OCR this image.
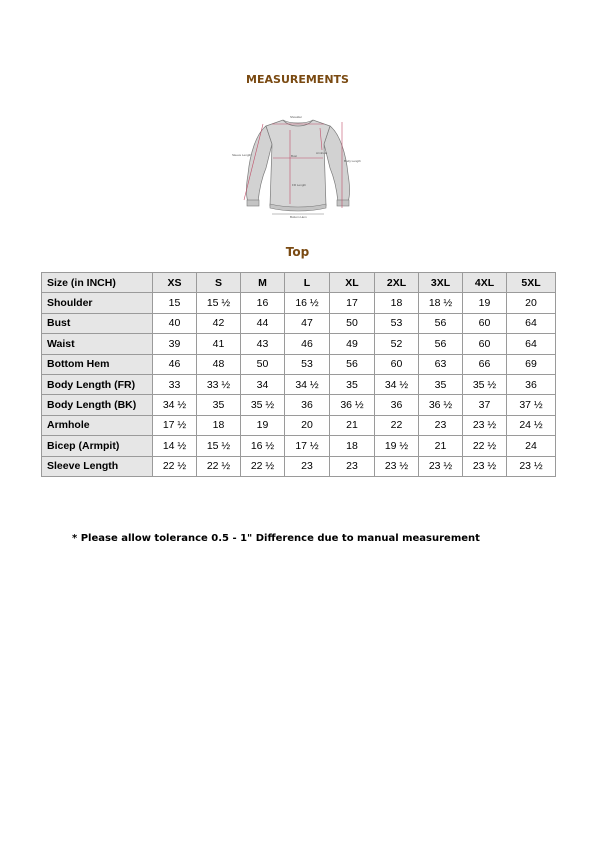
MEASUREMENTS
Shoulder
Sleeve Length	Bust
Armhole
Body Length
FR Length
Bottom Hem
Top
Size (in INCH)	XS	S	M	L	XL	2XL	3XL	4XL	5XL
Shoulder	15	15 ½	16	16 ½	17	18	18 ½	19	20
Bust	40	42	44	47	50	53	56	60	64
Waist	39	41	43	46	49	52	56	60	64
Bottom Hem	46	48	50	53	56	60	63	66	69
Body Length (FR)	33	33 ½	34	34 ½	35	34 ½	35	35 ½	36
Body Length (BK)	34 ½	35	35 ½	36	36 ½	36	36 ½	37	37 ½
Armhole	17 ½	18	19	20	21	22	23	23 ½	24 ½
Bicep (Armpit)	14 ½	15 ½	16 ½	17 ½	18	19 ½	21	22 ½	24
Sleeve Length	22 ½	22 ½	22 ½	23	23	23 ½	23 ½	23 ½	23 ½
* Please allow tolerance 0.5 - 1" Difference due to manual measurement
